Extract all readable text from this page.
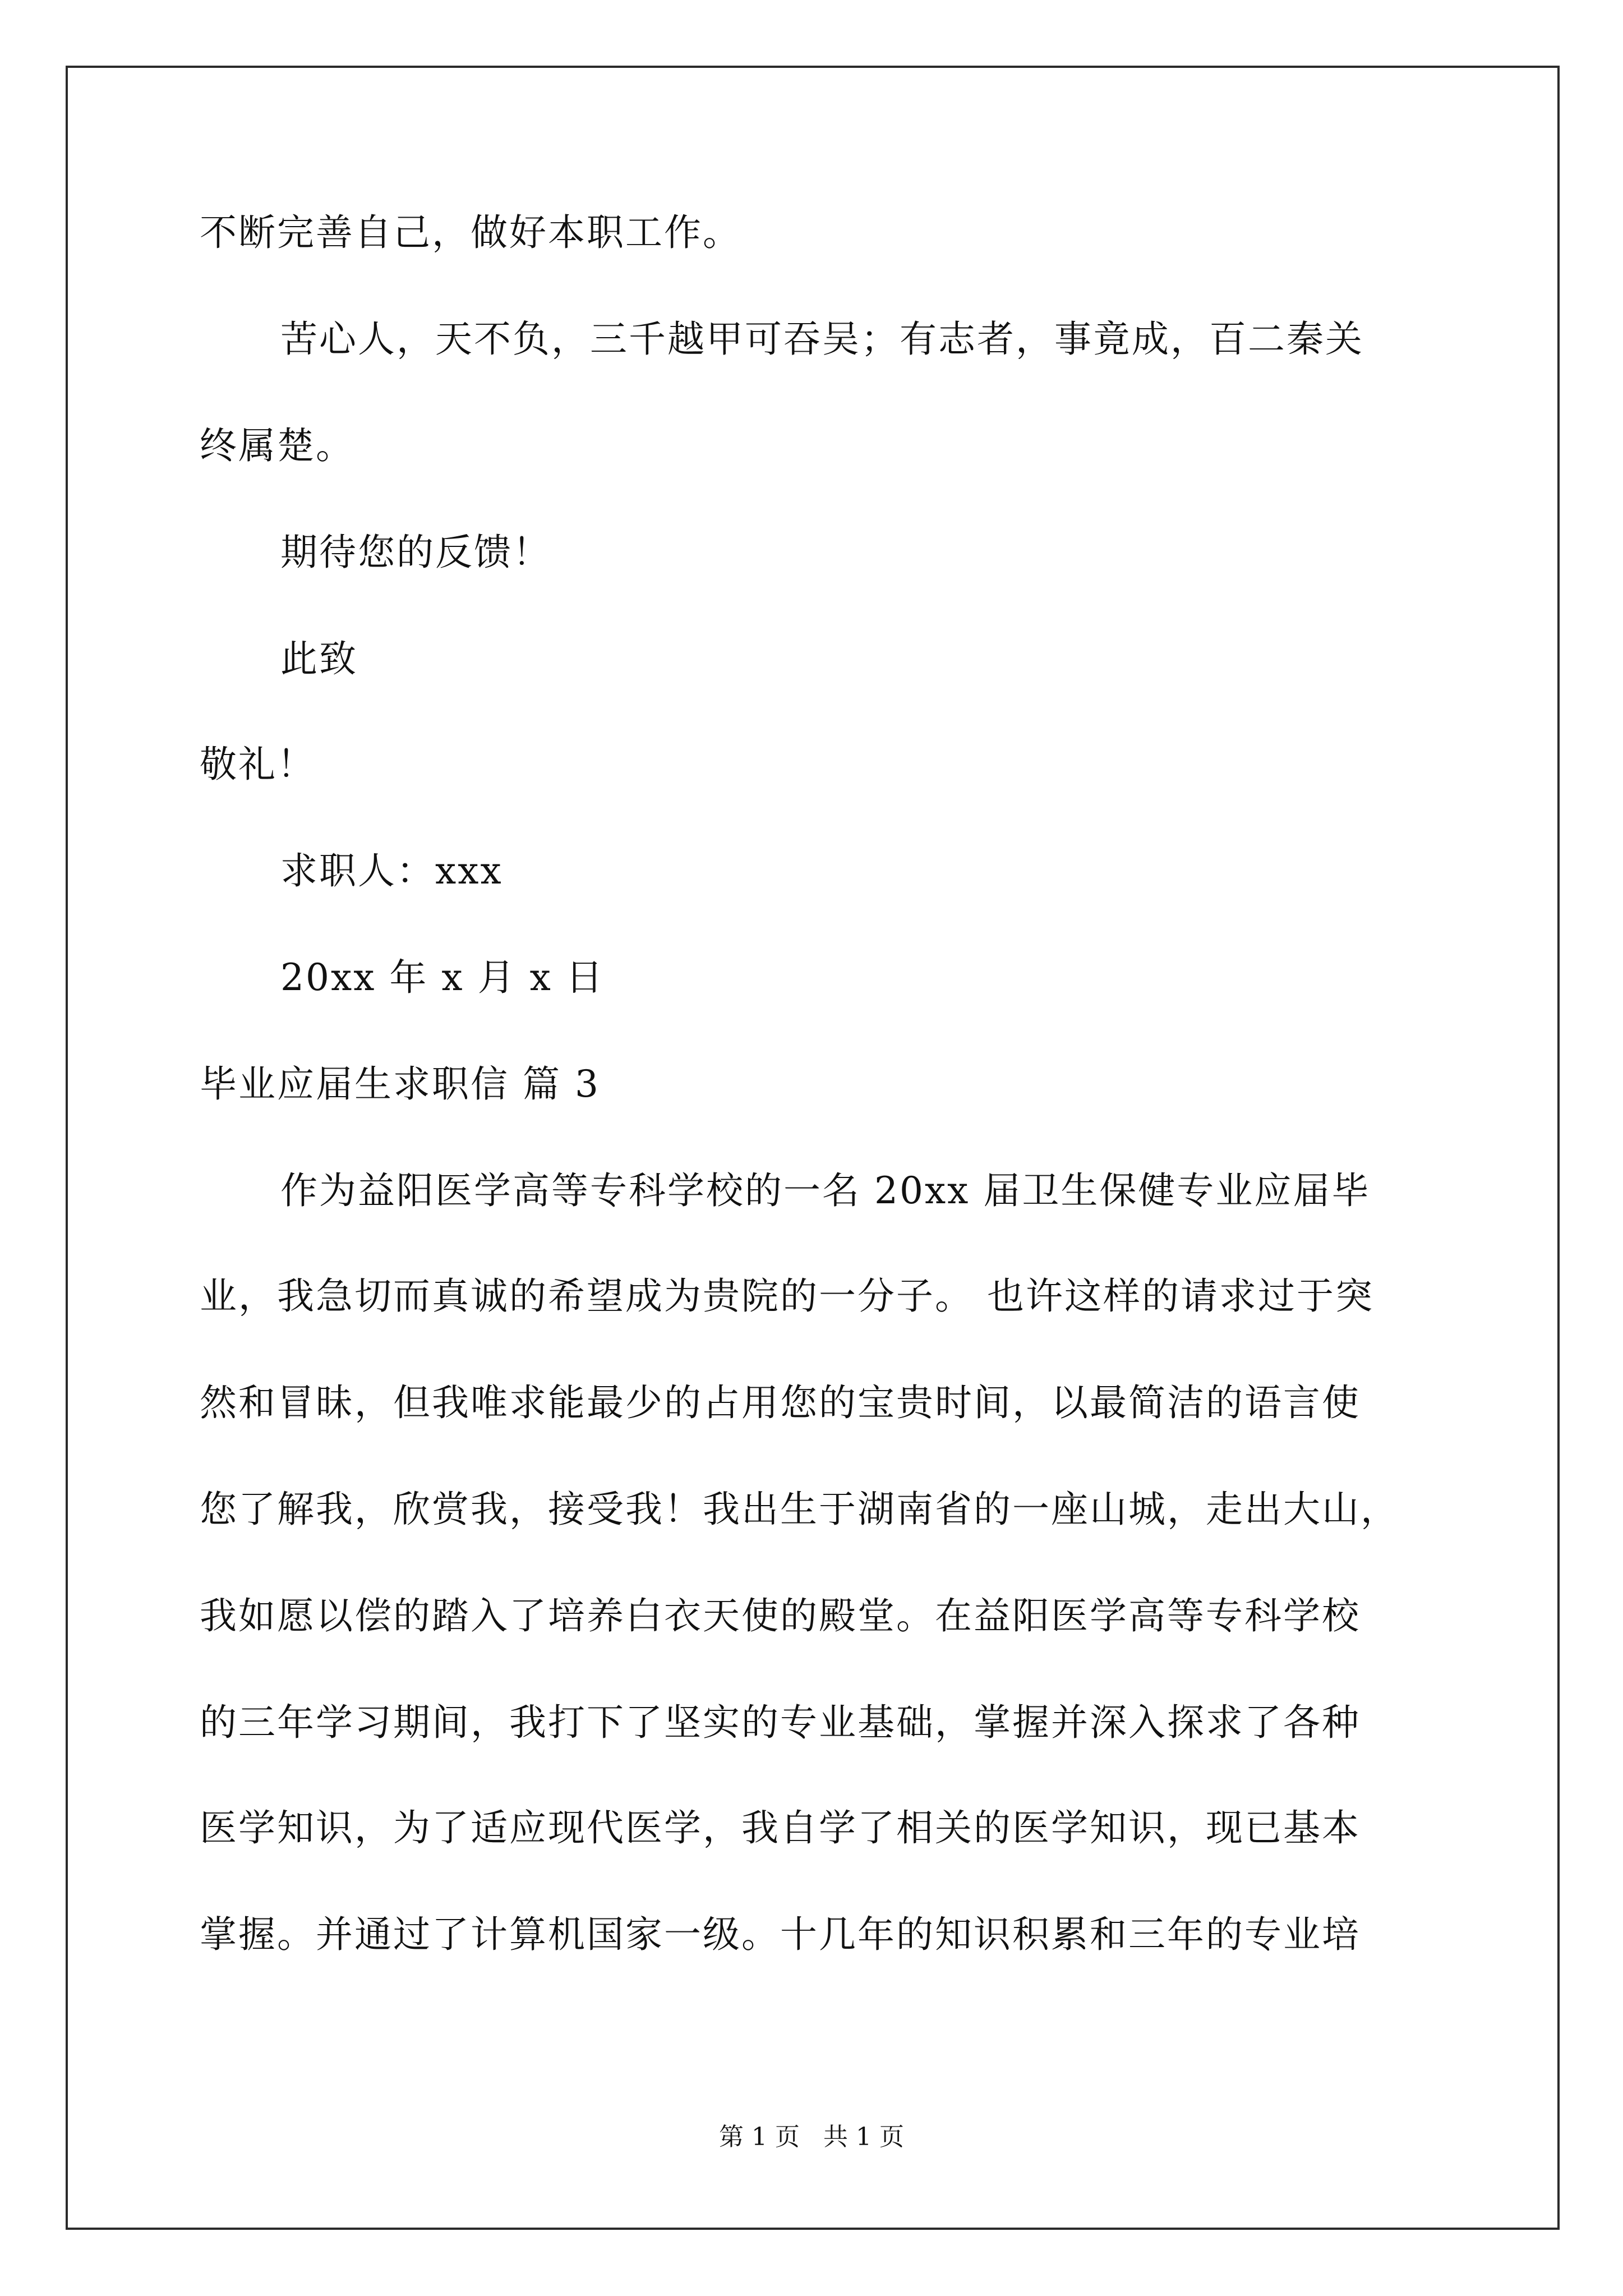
不断完善自己，做好本职工作。
苦心人，天不负，三千越甲可吞吴；有志者，事竟成，百二秦关
终属楚。
期待您的反馈！
此致
敬礼！
求职人：xxx
20xx 年 x 月 x 日
毕业应届生求职信 篇 3
作为益阳医学高等专科学校的一名 20xx 届卫生保健专业应届毕
业，我急切而真诚的希望成为贵院的一分子。 也许这样的请求过于突
然和冒昧，但我唯求能最少的占用您的宝贵时间，以最简洁的语言使
您了解我，欣赏我，接受我！我出生于湖南省的一座山城，走出大山，
我如愿以偿的踏入了培养白衣天使的殿堂。在益阳医学高等专科学校
的三年学习期间，我打下了坚实的专业基础，掌握并深入探求了各种
医学知识，为了适应现代医学，我自学了相关的医学知识，现已基本
掌握。并通过了计算机国家一级。十几年的知识积累和三年的专业培
第 1 页 共 1 页
